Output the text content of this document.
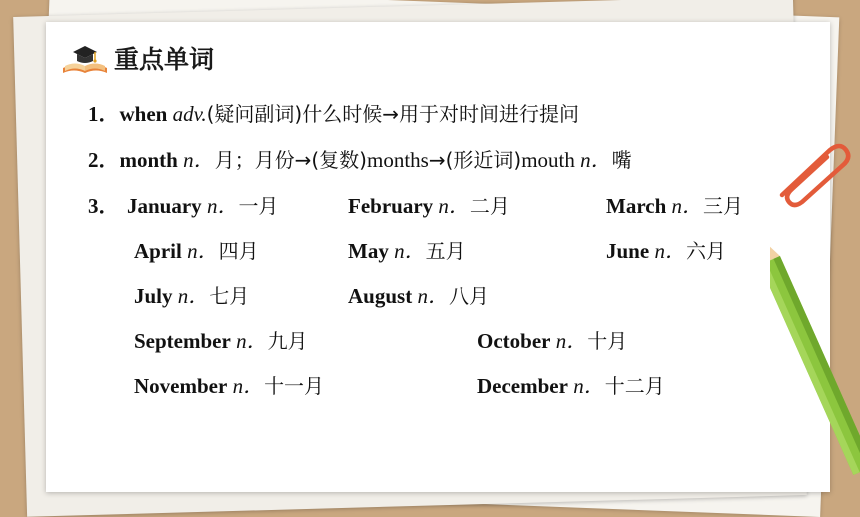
重点单词
1．when adv.(疑问副词)什么时候→用于对时间进行提问
2．month n．月；月份→(复数)months→(形近词)mouth n．嘴
3． January n．一月	February n．二月	March n．三月
April n．四月	May n．五月	June n．六月
July n．七月	August n．八月
September n．九月	October n．十月
November n．十一月	December n．十二月
